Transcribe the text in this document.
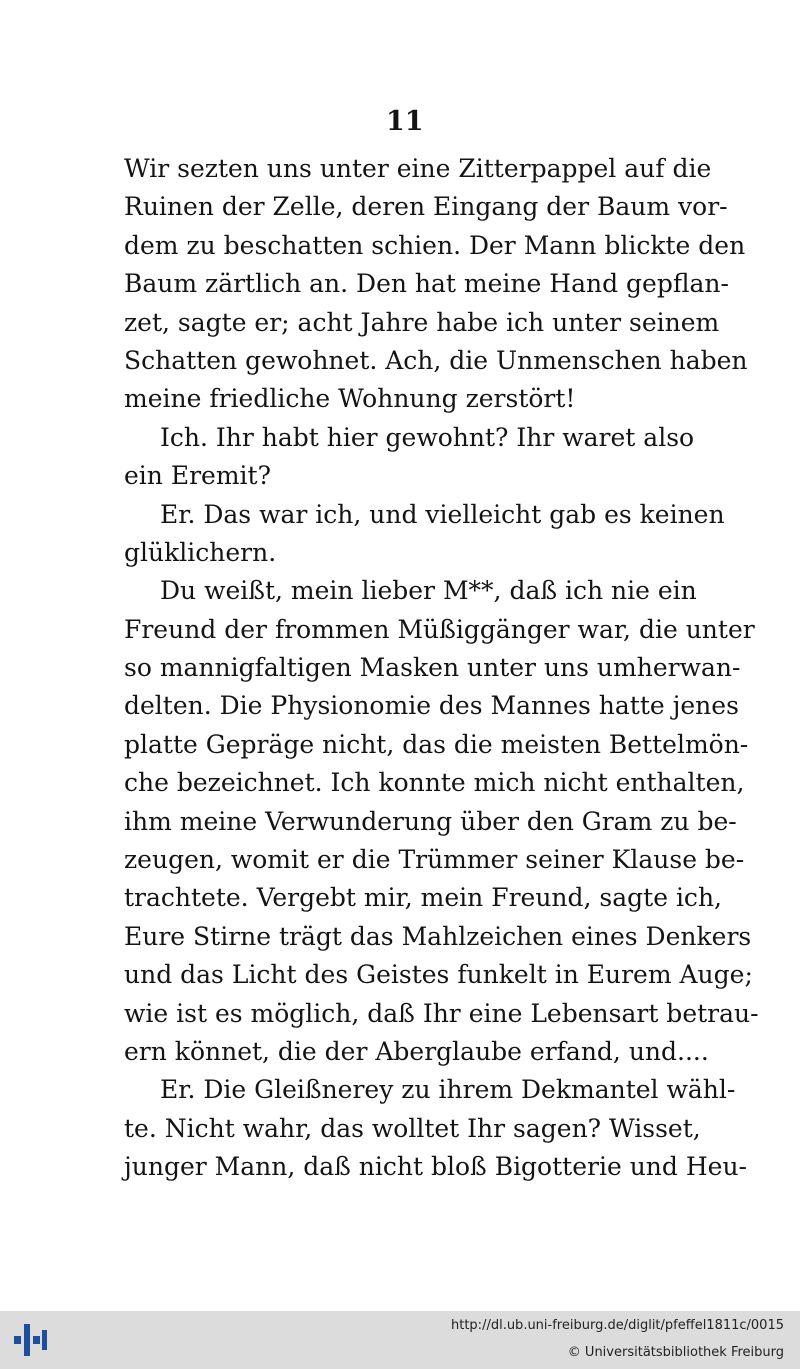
11
Wir sezten uns unter eine Zitterpappel auf die
Ruinen der Zelle, deren Eingang der Baum vor-
dem zu beschatten schien. Der Mann blickte den
Baum zärtlich an. Den hat meine Hand gepflan-
zet, sagte er; acht Jahre habe ich unter seinem
Schatten gewohnet. Ach, die Unmenschen haben
meine friedliche Wohnung zerstört!
Ich. Ihr habt hier gewohnt? Ihr waret also
ein Eremit?
Er. Das war ich, und vielleicht gab es keinen
glüklichern.
Du weißt, mein lieber M**, daß ich nie ein
Freund der frommen Müßiggänger war, die unter
so mannigfaltigen Masken unter uns umherwan-
delten. Die Physionomie des Mannes hatte jenes
platte Gepräge nicht, das die meisten Bettelmön-
che bezeichnet. Ich konnte mich nicht enthalten,
ihm meine Verwunderung über den Gram zu be-
zeugen, womit er die Trümmer seiner Klause be-
trachtete. Vergebt mir, mein Freund, sagte ich,
Eure Stirne trägt das Mahlzeichen eines Denkers
und das Licht des Geistes funkelt in Eurem Auge;
wie ist es möglich, daß Ihr eine Lebensart betrau-
ern könnet, die der Aberglaube erfand, und....
Er. Die Gleißnerey zu ihrem Dekmantel wähl-
te. Nicht wahr, das wolltet Ihr sagen? Wisset,
junger Mann, daß nicht bloß Bigotterie und Heu-
http://dl.ub.uni-freiburg.de/diglit/pfeffel1811c/0015
© Universitätsbibliothek Freiburg
